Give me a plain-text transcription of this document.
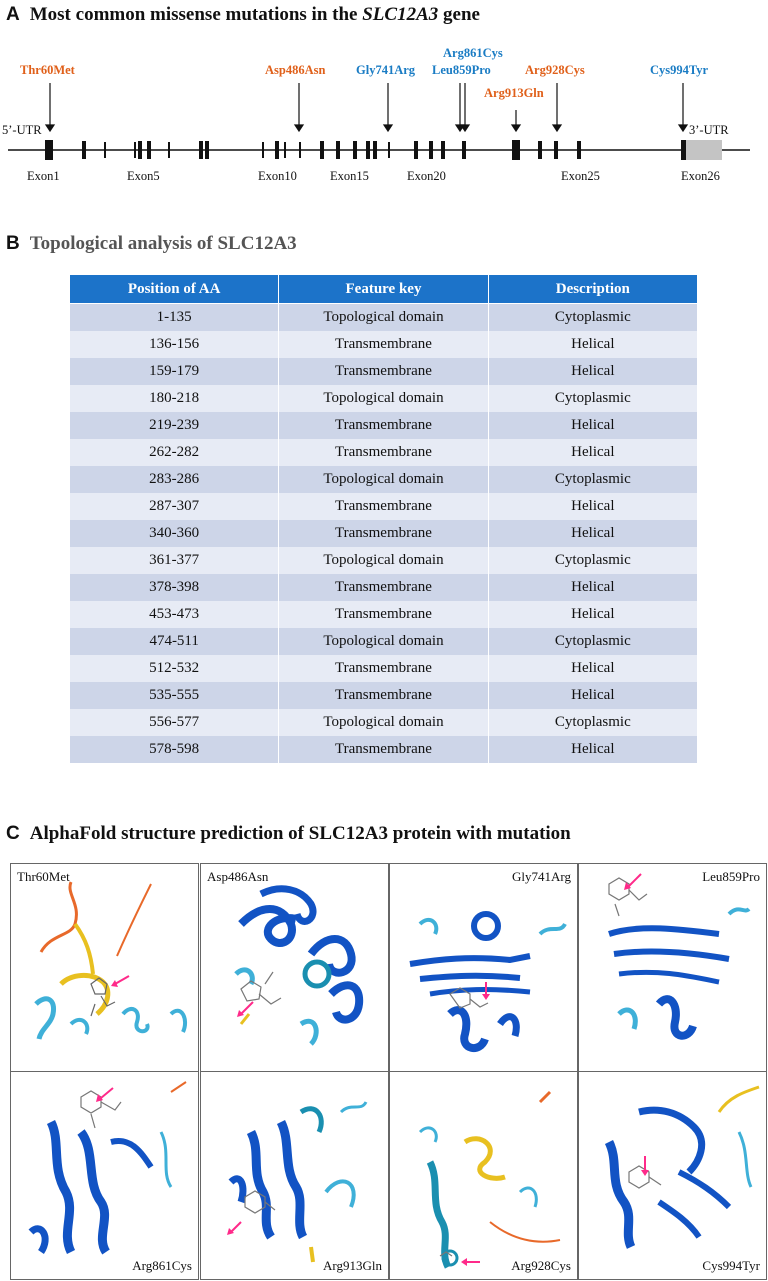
A Most common missense mutations in the SLC12A3 gene
Thr60Met	Asp486Asn Gly741Arg
Arg861Cys
Leu859Pro
Arg913Gln
Arg928Cys	Cys994Tyr
5’-UTR	3’-UTR
Exon1	Exon5	Exon10	Exon15	Exon20	Exon25	Exon26
B Topological analysis of SLC12A3
Position of AA	Feature key	Description
1-135	Topological domain	Cytoplasmic
136-156	Transmembrane	Helical
159-179	Transmembrane	Helical
180-218	Topological domain	Cytoplasmic
219-239	Transmembrane	Helical
262-282	Transmembrane	Helical
283-286	Topological domain	Cytoplasmic
287-307	Transmembrane	Helical
340-360	Transmembrane	Helical
361-377	Topological domain	Cytoplasmic
378-398	Transmembrane	Helical
453-473	Transmembrane	Helical
474-511	Topological domain	Cytoplasmic
512-532	Transmembrane	Helical
535-555	Transmembrane	Helical
556-577	Topological domain	Cytoplasmic
578-598	Transmembrane	Helical
C AlphaFold structure prediction of SLC12A3 protein with mutation
Thr60Met	Asp486Asn	Gly741Arg	Leu859Pro
Arg861Cys	Arg913Gln	Arg928Cys	Cys994Tyr
